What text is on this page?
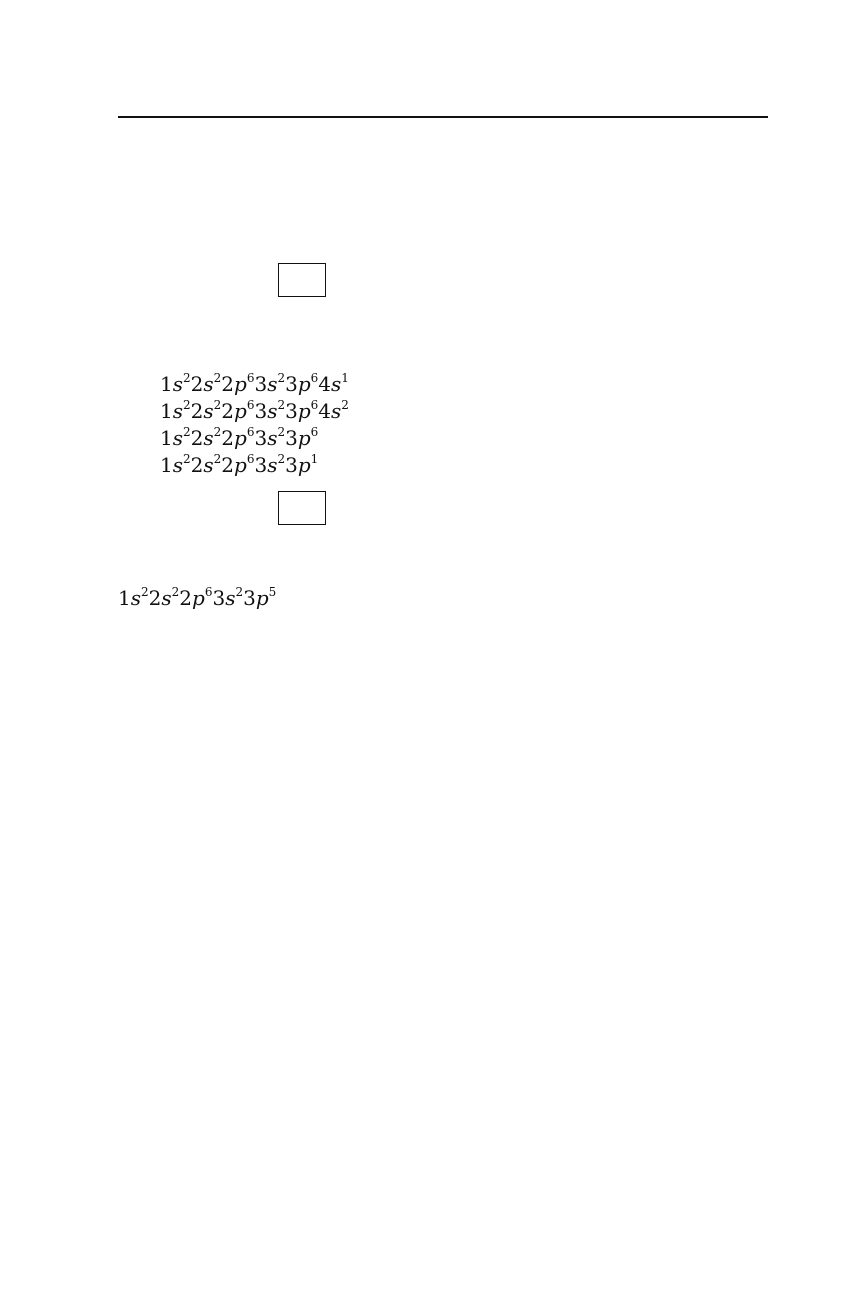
$1s^22s^22p^63s^23p^64s^1$
$1s^22s^22p^63s^23p^64s^2$
$1s^22s^22p^63s^23p^6$
$1s^22s^22p^63s^23p^1$
$1s^22s^22p^63s^23p^5$
